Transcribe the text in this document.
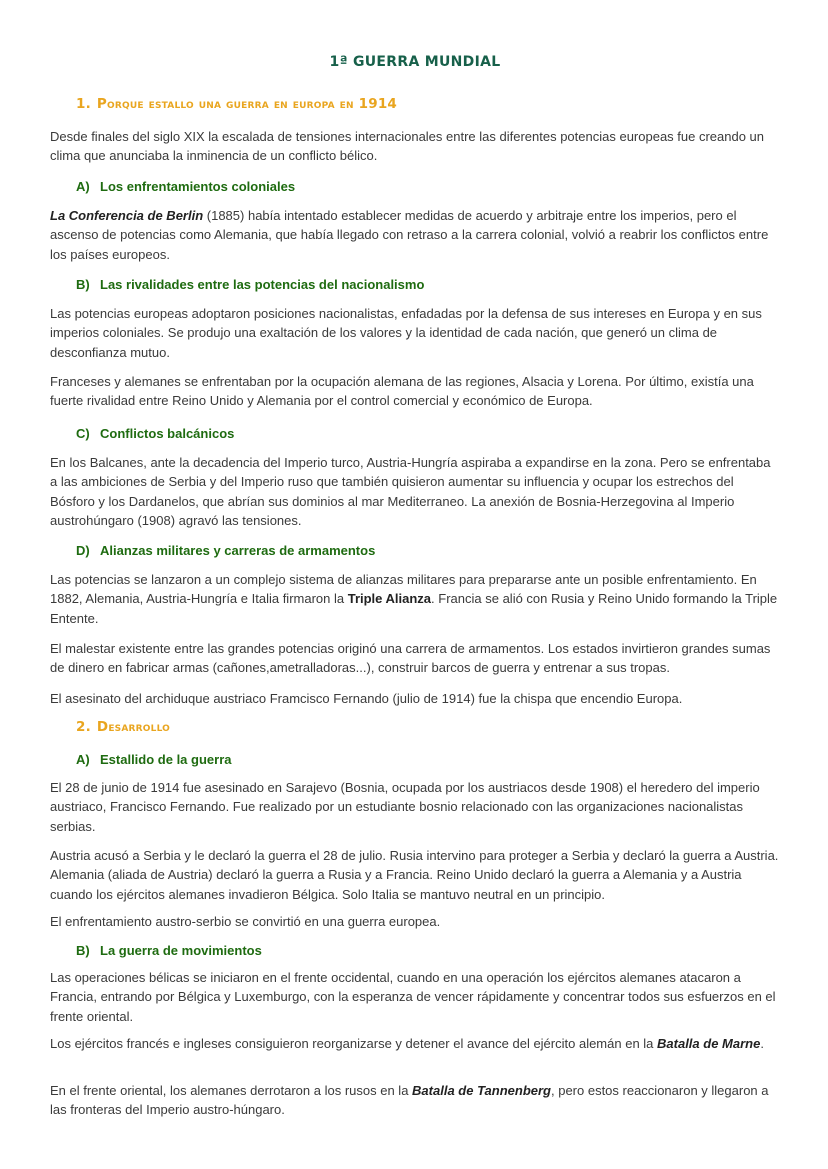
1ª GUERRA MUNDIAL
1. Porque estallo una guerra en europa en 1914
Desde finales del siglo XIX la escalada de tensiones internacionales entre las diferentes potencias europeas fue creando un clima que anunciaba la inminencia de un conflicto bélico.
A) Los enfrentamientos coloniales
La Conferencia de Berlin (1885) había intentado establecer medidas de acuerdo y arbitraje entre los imperios, pero el ascenso de potencias como Alemania, que había llegado con retraso a la carrera colonial, volvió a reabrir los conflictos entre los países europeos.
B) Las rivalidades entre las potencias del nacionalismo
Las potencias europeas adoptaron posiciones nacionalistas, enfadadas por la defensa de sus intereses en Europa y en sus imperios coloniales. Se produjo una exaltación de los valores y la identidad de cada nación, que generó un clima de desconfianza mutuo.
Franceses y alemanes se enfrentaban por la ocupación alemana de las regiones, Alsacia y Lorena. Por último, existía una fuerte rivalidad entre Reino Unido y Alemania por el control comercial y económico de Europa.
C) Conflictos balcánicos
En los Balcanes, ante la decadencia del Imperio turco, Austria-Hungría aspiraba a expandirse en la zona. Pero se enfrentaba a las ambiciones de Serbia y del Imperio ruso que también quisieron aumentar su influencia y ocupar los estrechos del Bósforo y los Dardanelos, que abrían sus dominios al mar Mediterraneo. La anexión de Bosnia-Herzegovina al Imperio austrohúngaro (1908) agravó las tensiones.
D) Alianzas militares y carreras de armamentos
Las potencias se lanzaron a un complejo sistema de alianzas militares para prepararse ante un posible enfrentamiento. En 1882, Alemania, Austria-Hungría e Italia firmaron la Triple Alianza. Francia se alió con Rusia y Reino Unido formando la Triple Entente.
El malestar existente entre las grandes potencias originó una carrera de armamentos. Los estados invirtieron grandes sumas de dinero en fabricar armas (cañones,ametralladoras...), construir barcos de guerra y entrenar a sus tropas.
El asesinato del archiduque austriaco Framcisco Fernando (julio de 1914) fue la chispa que encendio Europa.
2. Desarrollo
A) Estallido de la guerra
El 28 de junio de 1914 fue asesinado en Sarajevo (Bosnia, ocupada por los austriacos desde 1908) el heredero del imperio austriaco, Francisco Fernando. Fue realizado por un estudiante bosnio relacionado con las organizaciones nacionalistas serbias.
Austria acusó a Serbia y le declaró la guerra el 28 de julio. Rusia intervino para proteger a Serbia y declaró la guerra a Austria. Alemania (aliada de Austria) declaró la guerra a Rusia y a Francia. Reino Unido declaró la guerra a Alemania y a Austria cuando los ejércitos alemanes invadieron Bélgica. Solo Italia se mantuvo neutral en un principio.
El enfrentamiento austro-serbio se convirtió en una guerra europea.
B) La guerra de movimientos
Las operaciones bélicas se iniciaron en el frente occidental, cuando en una operación los ejércitos alemanes atacaron a Francia, entrando por Bélgica y Luxemburgo, con la esperanza de vencer rápidamente y concentrar todos sus esfuerzos en el frente oriental.
Los ejércitos francés e ingleses consiguieron reorganizarse y detener el avance del ejército alemán en la Batalla de Marne.
En el frente oriental, los alemanes derrotaron a los rusos en la Batalla de Tannenberg, pero estos reaccionaron y llegaron a las fronteras del Imperio austro-húngaro.
